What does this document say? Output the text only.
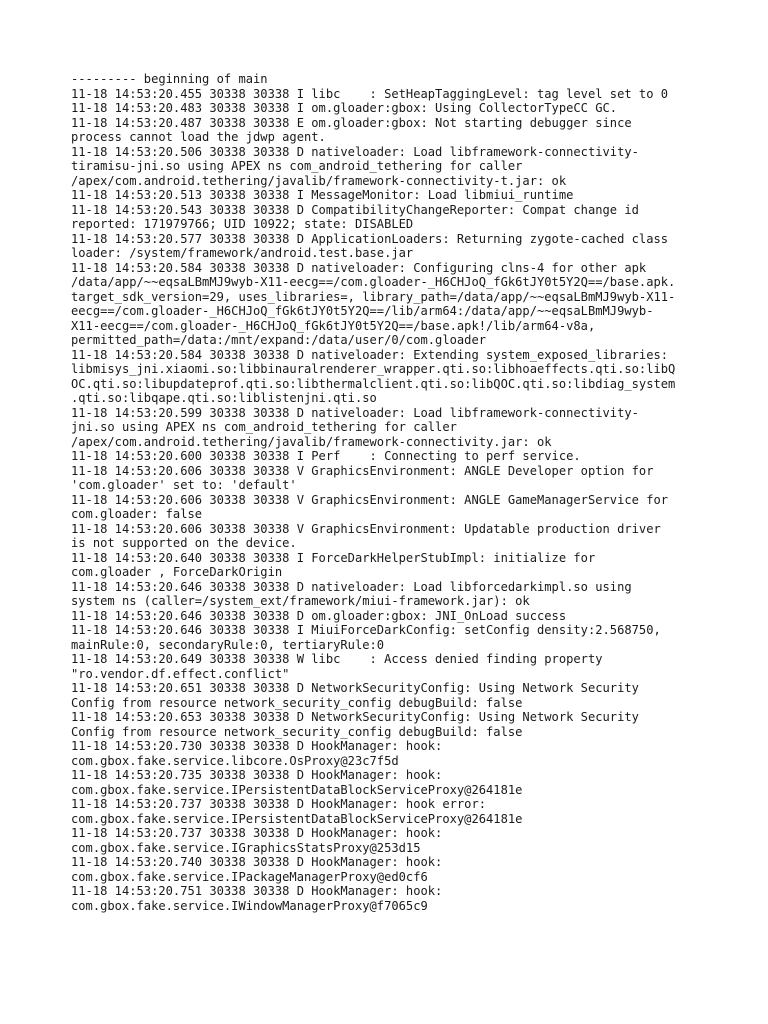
--------- beginning of main
11-18 14:53:20.455 30338 30338 I libc    : SetHeapTaggingLevel: tag level set to 0
11-18 14:53:20.483 30338 30338 I om.gloader:gbox: Using CollectorTypeCC GC.
11-18 14:53:20.487 30338 30338 E om.gloader:gbox: Not starting debugger since
process cannot load the jdwp agent.
11-18 14:53:20.506 30338 30338 D nativeloader: Load libframework-connectivity-
tiramisu-jni.so using APEX ns com_android_tethering for caller
/apex/com.android.tethering/javalib/framework-connectivity-t.jar: ok
11-18 14:53:20.513 30338 30338 I MessageMonitor: Load libmiui_runtime
11-18 14:53:20.543 30338 30338 D CompatibilityChangeReporter: Compat change id
reported: 171979766; UID 10922; state: DISABLED
11-18 14:53:20.577 30338 30338 D ApplicationLoaders: Returning zygote-cached class
loader: /system/framework/android.test.base.jar
11-18 14:53:20.584 30338 30338 D nativeloader: Configuring clns-4 for other apk
/data/app/~~eqsaLBmMJ9wyb-X11-eecg==/com.gloader-_H6CHJoQ_fGk6tJY0t5Y2Q==/base.apk.
target_sdk_version=29, uses_libraries=, library_path=/data/app/~~eqsaLBmMJ9wyb-X11-
eecg==/com.gloader-_H6CHJoQ_fGk6tJY0t5Y2Q==/lib/arm64:/data/app/~~eqsaLBmMJ9wyb-
X11-eecg==/com.gloader-_H6CHJoQ_fGk6tJY0t5Y2Q==/base.apk!/lib/arm64-v8a,
permitted_path=/data:/mnt/expand:/data/user/0/com.gloader
11-18 14:53:20.584 30338 30338 D nativeloader: Extending system_exposed_libraries:
libmisys_jni.xiaomi.so:libbinauralrenderer_wrapper.qti.so:libhoaeffects.qti.so:libQ
OC.qti.so:libupdateprof.qti.so:libthermalclient.qti.so:libQOC.qti.so:libdiag_system
.qti.so:libqape.qti.so:liblistenjni.qti.so
11-18 14:53:20.599 30338 30338 D nativeloader: Load libframework-connectivity-
jni.so using APEX ns com_android_tethering for caller
/apex/com.android.tethering/javalib/framework-connectivity.jar: ok
11-18 14:53:20.600 30338 30338 I Perf    : Connecting to perf service.
11-18 14:53:20.606 30338 30338 V GraphicsEnvironment: ANGLE Developer option for
'com.gloader' set to: 'default'
11-18 14:53:20.606 30338 30338 V GraphicsEnvironment: ANGLE GameManagerService for
com.gloader: false
11-18 14:53:20.606 30338 30338 V GraphicsEnvironment: Updatable production driver
is not supported on the device.
11-18 14:53:20.640 30338 30338 I ForceDarkHelperStubImpl: initialize for
com.gloader , ForceDarkOrigin
11-18 14:53:20.646 30338 30338 D nativeloader: Load libforcedarkimpl.so using
system ns (caller=/system_ext/framework/miui-framework.jar): ok
11-18 14:53:20.646 30338 30338 D om.gloader:gbox: JNI_OnLoad success
11-18 14:53:20.646 30338 30338 I MiuiForceDarkConfig: setConfig density:2.568750,
mainRule:0, secondaryRule:0, tertiaryRule:0
11-18 14:53:20.649 30338 30338 W libc    : Access denied finding property
"ro.vendor.df.effect.conflict"
11-18 14:53:20.651 30338 30338 D NetworkSecurityConfig: Using Network Security
Config from resource network_security_config debugBuild: false
11-18 14:53:20.653 30338 30338 D NetworkSecurityConfig: Using Network Security
Config from resource network_security_config debugBuild: false
11-18 14:53:20.730 30338 30338 D HookManager: hook:
com.gbox.fake.service.libcore.OsProxy@23c7f5d
11-18 14:53:20.735 30338 30338 D HookManager: hook:
com.gbox.fake.service.IPersistentDataBlockServiceProxy@264181e
11-18 14:53:20.737 30338 30338 D HookManager: hook error:
com.gbox.fake.service.IPersistentDataBlockServiceProxy@264181e
11-18 14:53:20.737 30338 30338 D HookManager: hook:
com.gbox.fake.service.IGraphicsStatsProxy@253d15
11-18 14:53:20.740 30338 30338 D HookManager: hook:
com.gbox.fake.service.IPackageManagerProxy@ed0cf6
11-18 14:53:20.751 30338 30338 D HookManager: hook:
com.gbox.fake.service.IWindowManagerProxy@f7065c9
